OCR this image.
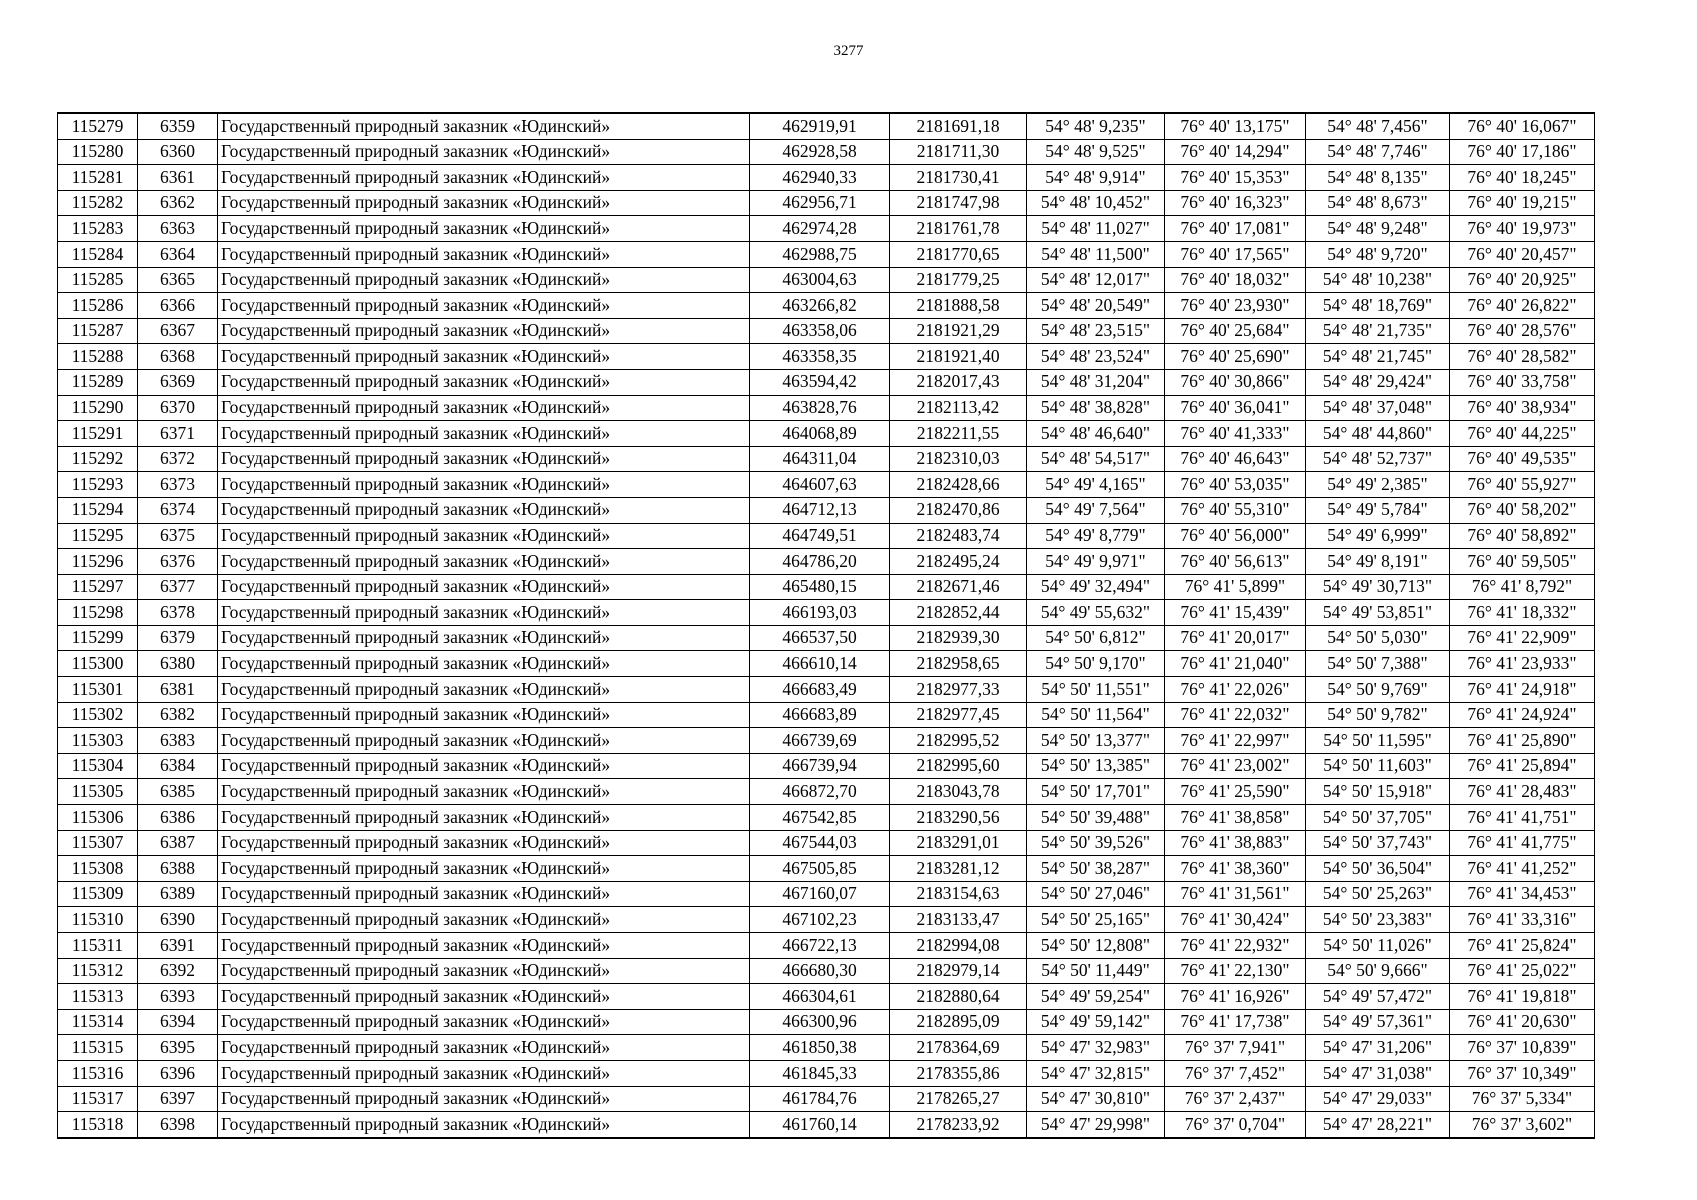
3277
115279	6359	Государственный природный заказник «Юдинский»	462919,91	2181691,18	54° 48' 9,235"	76° 40' 13,175"	54° 48' 7,456"	76° 40' 16,067"
115280	6360	Государственный природный заказник «Юдинский»	462928,58	2181711,30	54° 48' 9,525"	76° 40' 14,294"	54° 48' 7,746"	76° 40' 17,186"
115281	6361	Государственный природный заказник «Юдинский»	462940,33	2181730,41	54° 48' 9,914"	76° 40' 15,353"	54° 48' 8,135"	76° 40' 18,245"
115282	6362	Государственный природный заказник «Юдинский»	462956,71	2181747,98	54° 48' 10,452"	76° 40' 16,323"	54° 48' 8,673"	76° 40' 19,215"
115283	6363	Государственный природный заказник «Юдинский»	462974,28	2181761,78	54° 48' 11,027"	76° 40' 17,081"	54° 48' 9,248"	76° 40' 19,973"
115284	6364	Государственный природный заказник «Юдинский»	462988,75	2181770,65	54° 48' 11,500"	76° 40' 17,565"	54° 48' 9,720"	76° 40' 20,457"
115285	6365	Государственный природный заказник «Юдинский»	463004,63	2181779,25	54° 48' 12,017"	76° 40' 18,032"	54° 48' 10,238"	76° 40' 20,925"
115286	6366	Государственный природный заказник «Юдинский»	463266,82	2181888,58	54° 48' 20,549"	76° 40' 23,930"	54° 48' 18,769"	76° 40' 26,822"
115287	6367	Государственный природный заказник «Юдинский»	463358,06	2181921,29	54° 48' 23,515"	76° 40' 25,684"	54° 48' 21,735"	76° 40' 28,576"
115288	6368	Государственный природный заказник «Юдинский»	463358,35	2181921,40	54° 48' 23,524"	76° 40' 25,690"	54° 48' 21,745"	76° 40' 28,582"
115289	6369	Государственный природный заказник «Юдинский»	463594,42	2182017,43	54° 48' 31,204"	76° 40' 30,866"	54° 48' 29,424"	76° 40' 33,758"
115290	6370	Государственный природный заказник «Юдинский»	463828,76	2182113,42	54° 48' 38,828"	76° 40' 36,041"	54° 48' 37,048"	76° 40' 38,934"
115291	6371	Государственный природный заказник «Юдинский»	464068,89	2182211,55	54° 48' 46,640"	76° 40' 41,333"	54° 48' 44,860"	76° 40' 44,225"
115292	6372	Государственный природный заказник «Юдинский»	464311,04	2182310,03	54° 48' 54,517"	76° 40' 46,643"	54° 48' 52,737"	76° 40' 49,535"
115293	6373	Государственный природный заказник «Юдинский»	464607,63	2182428,66	54° 49' 4,165"	76° 40' 53,035"	54° 49' 2,385"	76° 40' 55,927"
115294	6374	Государственный природный заказник «Юдинский»	464712,13	2182470,86	54° 49' 7,564"	76° 40' 55,310"	54° 49' 5,784"	76° 40' 58,202"
115295	6375	Государственный природный заказник «Юдинский»	464749,51	2182483,74	54° 49' 8,779"	76° 40' 56,000"	54° 49' 6,999"	76° 40' 58,892"
115296	6376	Государственный природный заказник «Юдинский»	464786,20	2182495,24	54° 49' 9,971"	76° 40' 56,613"	54° 49' 8,191"	76° 40' 59,505"
115297	6377	Государственный природный заказник «Юдинский»	465480,15	2182671,46	54° 49' 32,494"	76° 41' 5,899"	54° 49' 30,713"	76° 41' 8,792"
115298	6378	Государственный природный заказник «Юдинский»	466193,03	2182852,44	54° 49' 55,632"	76° 41' 15,439"	54° 49' 53,851"	76° 41' 18,332"
115299	6379	Государственный природный заказник «Юдинский»	466537,50	2182939,30	54° 50' 6,812"	76° 41' 20,017"	54° 50' 5,030"	76° 41' 22,909"
115300	6380	Государственный природный заказник «Юдинский»	466610,14	2182958,65	54° 50' 9,170"	76° 41' 21,040"	54° 50' 7,388"	76° 41' 23,933"
115301	6381	Государственный природный заказник «Юдинский»	466683,49	2182977,33	54° 50' 11,551"	76° 41' 22,026"	54° 50' 9,769"	76° 41' 24,918"
115302	6382	Государственный природный заказник «Юдинский»	466683,89	2182977,45	54° 50' 11,564"	76° 41' 22,032"	54° 50' 9,782"	76° 41' 24,924"
115303	6383	Государственный природный заказник «Юдинский»	466739,69	2182995,52	54° 50' 13,377"	76° 41' 22,997"	54° 50' 11,595"	76° 41' 25,890"
115304	6384	Государственный природный заказник «Юдинский»	466739,94	2182995,60	54° 50' 13,385"	76° 41' 23,002"	54° 50' 11,603"	76° 41' 25,894"
115305	6385	Государственный природный заказник «Юдинский»	466872,70	2183043,78	54° 50' 17,701"	76° 41' 25,590"	54° 50' 15,918"	76° 41' 28,483"
115306	6386	Государственный природный заказник «Юдинский»	467542,85	2183290,56	54° 50' 39,488"	76° 41' 38,858"	54° 50' 37,705"	76° 41' 41,751"
115307	6387	Государственный природный заказник «Юдинский»	467544,03	2183291,01	54° 50' 39,526"	76° 41' 38,883"	54° 50' 37,743"	76° 41' 41,775"
115308	6388	Государственный природный заказник «Юдинский»	467505,85	2183281,12	54° 50' 38,287"	76° 41' 38,360"	54° 50' 36,504"	76° 41' 41,252"
115309	6389	Государственный природный заказник «Юдинский»	467160,07	2183154,63	54° 50' 27,046"	76° 41' 31,561"	54° 50' 25,263"	76° 41' 34,453"
115310	6390	Государственный природный заказник «Юдинский»	467102,23	2183133,47	54° 50' 25,165"	76° 41' 30,424"	54° 50' 23,383"	76° 41' 33,316"
115311	6391	Государственный природный заказник «Юдинский»	466722,13	2182994,08	54° 50' 12,808"	76° 41' 22,932"	54° 50' 11,026"	76° 41' 25,824"
115312	6392	Государственный природный заказник «Юдинский»	466680,30	2182979,14	54° 50' 11,449"	76° 41' 22,130"	54° 50' 9,666"	76° 41' 25,022"
115313	6393	Государственный природный заказник «Юдинский»	466304,61	2182880,64	54° 49' 59,254"	76° 41' 16,926"	54° 49' 57,472"	76° 41' 19,818"
115314	6394	Государственный природный заказник «Юдинский»	466300,96	2182895,09	54° 49' 59,142"	76° 41' 17,738"	54° 49' 57,361"	76° 41' 20,630"
115315	6395	Государственный природный заказник «Юдинский»	461850,38	2178364,69	54° 47' 32,983"	76° 37' 7,941"	54° 47' 31,206"	76° 37' 10,839"
115316	6396	Государственный природный заказник «Юдинский»	461845,33	2178355,86	54° 47' 32,815"	76° 37' 7,452"	54° 47' 31,038"	76° 37' 10,349"
115317	6397	Государственный природный заказник «Юдинский»	461784,76	2178265,27	54° 47' 30,810"	76° 37' 2,437"	54° 47' 29,033"	76° 37' 5,334"
115318	6398	Государственный природный заказник «Юдинский»	461760,14	2178233,92	54° 47' 29,998"	76° 37' 0,704"	54° 47' 28,221"	76° 37' 3,602"
